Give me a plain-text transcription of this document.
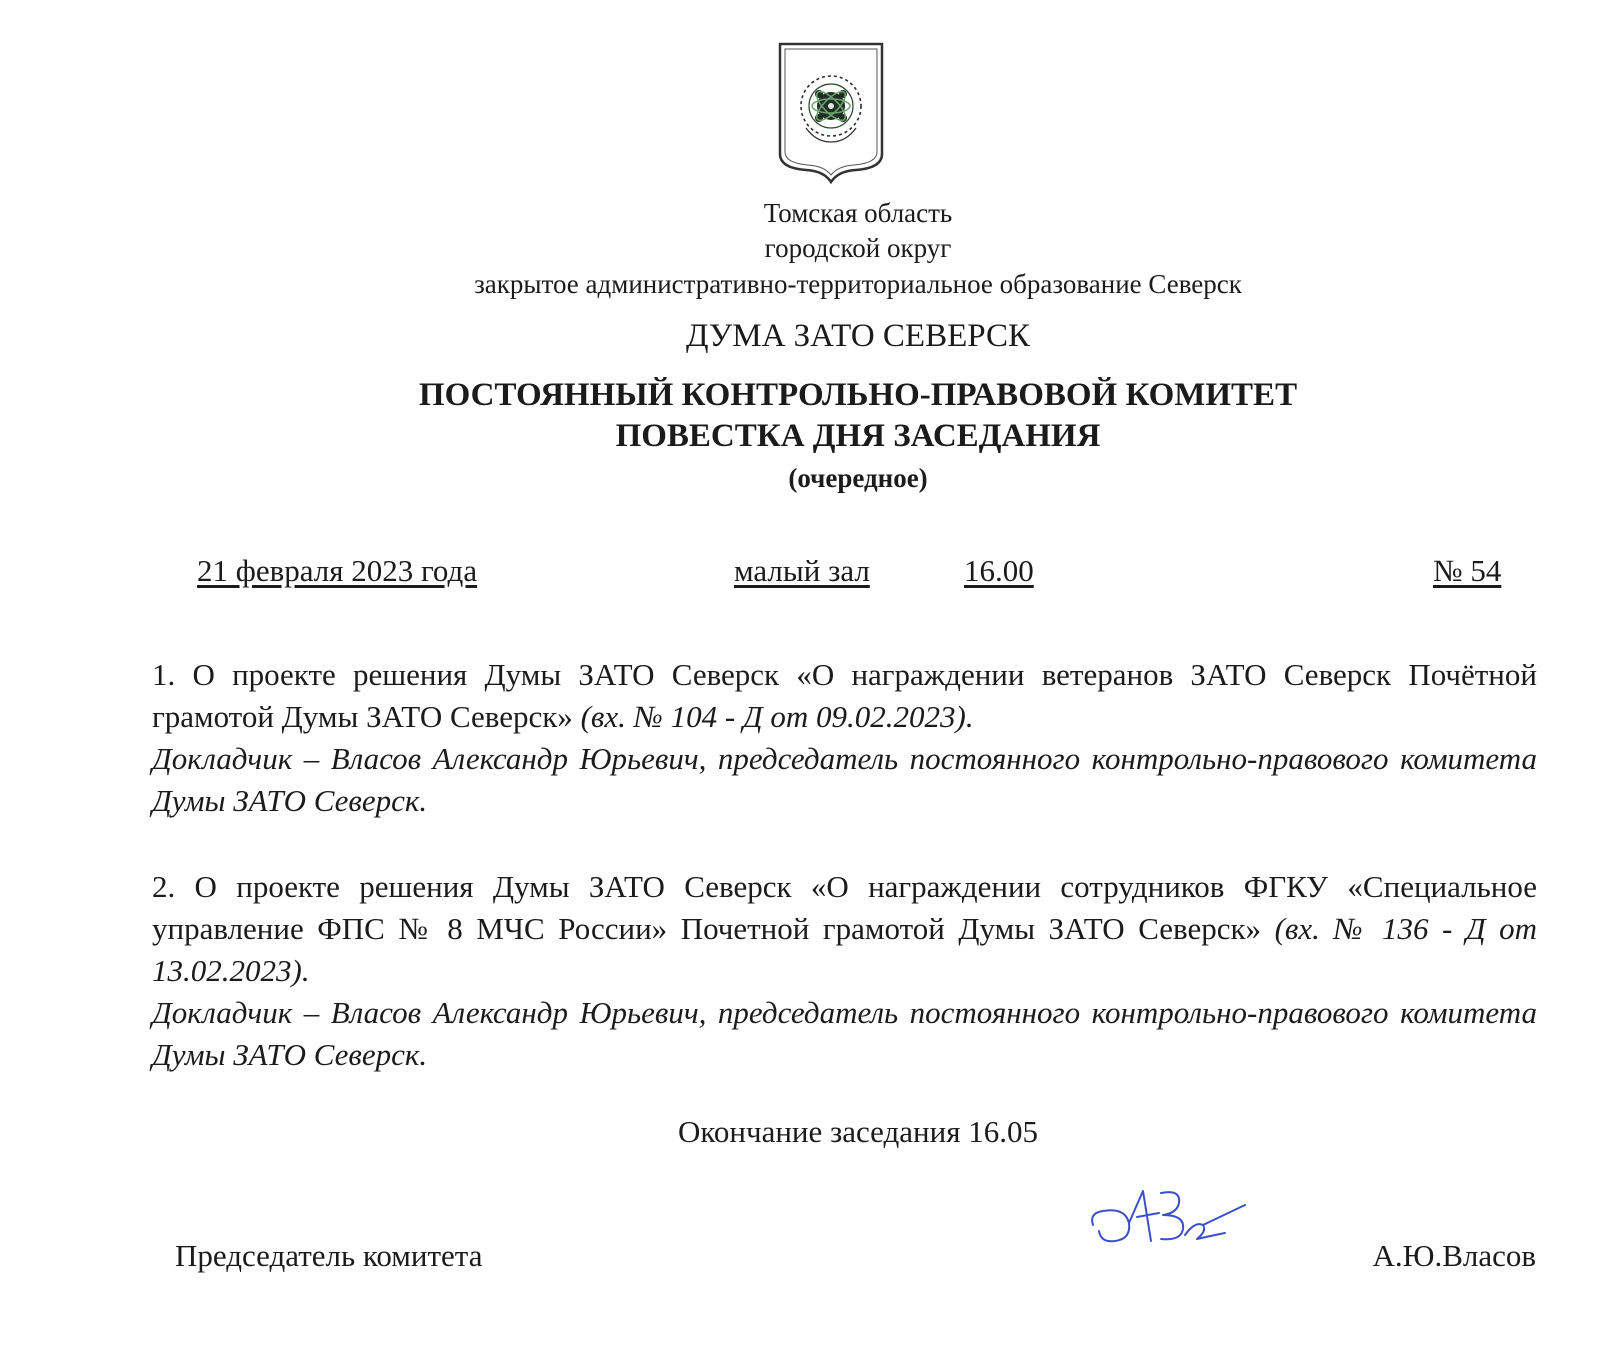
Томская область
городской округ
закрытое административно-территориальное образование Северск
ДУМА ЗАТО СЕВЕРСК
ПОСТОЯННЫЙ КОНТРОЛЬНО-ПРАВОВОЙ КОМИТЕТ
ПОВЕСТКА ДНЯ ЗАСЕДАНИЯ
(очередное)
21 февраля 2023 года	малый зал	16.00	№ 54
1. О проекте решения Думы ЗАТО Северск «О награждении ветеранов ЗАТО Северск Почётной грамотой Думы ЗАТО Северск» (вх. № 104 - Д от 09.02.2023).
Докладчик – Власов Александр Юрьевич, председатель постоянного контрольно-правового комитета Думы ЗАТО Северск.
2. О проекте решения Думы ЗАТО Северск «О награждении сотрудников ФГКУ «Специальное управление ФПС № 8 МЧС России» Почетной грамотой Думы ЗАТО Северск» (вх. № 136 - Д от 13.02.2023).
Докладчик – Власов Александр Юрьевич, председатель постоянного контрольно-правового комитета Думы ЗАТО Северск.
Окончание заседания 16.05
Председатель комитета	А.Ю.Власов
